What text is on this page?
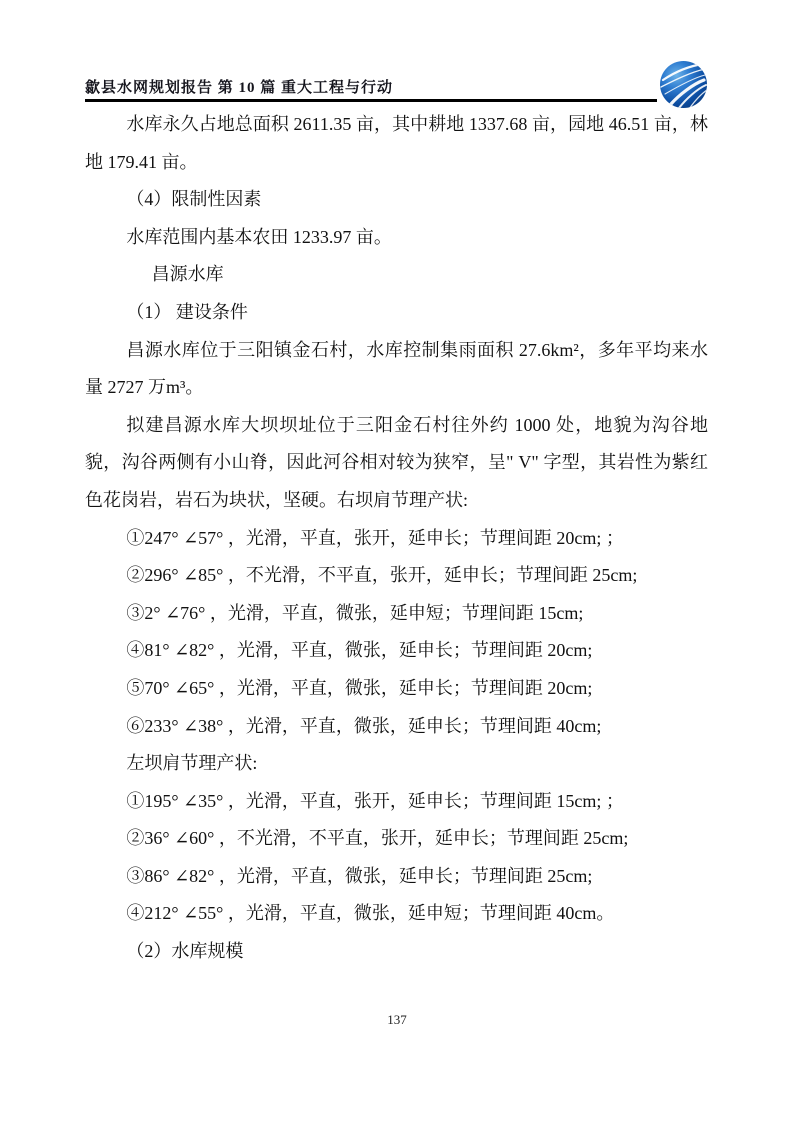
歙县水网规划报告 第 10 篇 重大工程与行动

水库永久占地总面积 2611.35 亩，其中耕地 1337.68 亩，园地 46.51 亩，林地 179.41 亩。

（4）限制性因素

水库范围内基本农田 1233.97 亩。

昌源水库

（1） 建设条件

昌源水库位于三阳镇金石村，水库控制集雨面积 27.6km²，多年平均来水量 2727 万m³。

拟建昌源水库大坝坝址位于三阳金石村往外约 1000 处，地貌为沟谷地貌，沟谷两侧有小山脊，因此河谷相对较为狭窄，呈" V" 字型，其岩性为紫红色花岗岩，岩石为块状，坚硬。右坝肩节理产状:

①247° ∠57° ，光滑，平直，张开，延申长；节理间距 20cm; ；

②296° ∠85° ，不光滑，不平直，张开，延申长；节理间距 25cm;

③2° ∠76° ，光滑，平直，微张，延申短；节理间距 15cm;

④81° ∠82° ，光滑，平直，微张，延申长；节理间距 20cm;

⑤70° ∠65° ，光滑，平直，微张，延申长；节理间距 20cm;

⑥233° ∠38° ，光滑，平直，微张，延申长；节理间距 40cm;

左坝肩节理产状:

①195° ∠35° ，光滑，平直，张开，延申长；节理间距 15cm; ；

②36° ∠60° ，不光滑，不平直，张开，延申长；节理间距 25cm;

③86° ∠82° ，光滑，平直，微张，延申长；节理间距 25cm;

④212° ∠55° ，光滑，平直，微张，延申短；节理间距 40cm。

（2）水库规模

137
